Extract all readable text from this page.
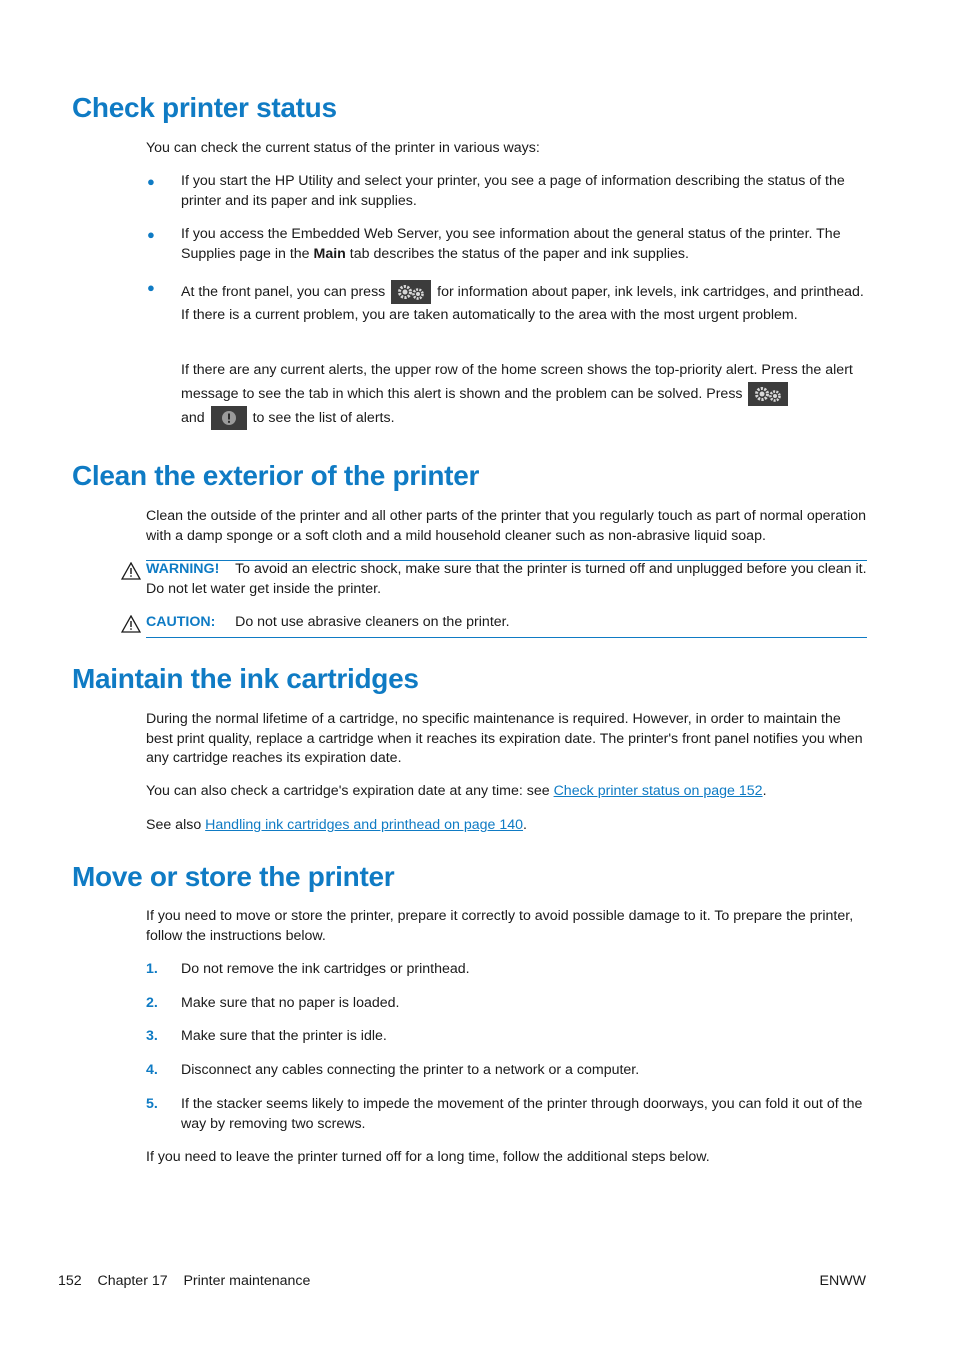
Check printer status

You can check the current status of the printer in various ways:

● If you start the HP Utility and select your printer, you see a page of information describing the status of the printer and its paper and ink supplies.

● If you access the Embedded Web Server, you see information about the general status of the printer. The Supplies page in the Main tab describes the status of the paper and ink supplies.

● At the front panel, you can press	for information about paper, ink levels, ink cartridges, and printhead. If there is a current problem, you are taken automatically to the area with the most urgent problem.

If there are any current alerts, the upper row of the home screen shows the top-priority alert. Press the alert message to see the tab in which this alert is shown and the problem can be solved. Press

and	to see the list of alerts.

Clean the exterior of the printer

Clean the outside of the printer and all other parts of the printer that you regularly touch as part of normal operation with a damp sponge or a soft cloth and a mild household cleaner such as non-abrasive liquid soap.

WARNING! To avoid an electric shock, make sure that the printer is turned off and unplugged before you clean it. Do not let water get inside the printer.

CAUTION: Do not use abrasive cleaners on the printer.

Maintain the ink cartridges

During the normal lifetime of a cartridge, no specific maintenance is required. However, in order to maintain the best print quality, replace a cartridge when it reaches its expiration date. The printer's front panel notifies you when any cartridge reaches its expiration date.

You can also check a cartridge's expiration date at any time: see Check printer status on page 152.

See also Handling ink cartridges and printhead on page 140.

Move or store the printer

If you need to move or store the printer, prepare it correctly to avoid possible damage to it. To prepare the printer, follow the instructions below.

1. Do not remove the ink cartridges or printhead.

2. Make sure that no paper is loaded.

3. Make sure that the printer is idle.

4. Disconnect any cables connecting the printer to a network or a computer.

5. If the stacker seems likely to impede the movement of the printer through doorways, you can fold it out of the way by removing two screws.

If you need to leave the printer turned off for a long time, follow the additional steps below.

152 Chapter 17 Printer maintenance	ENWW
